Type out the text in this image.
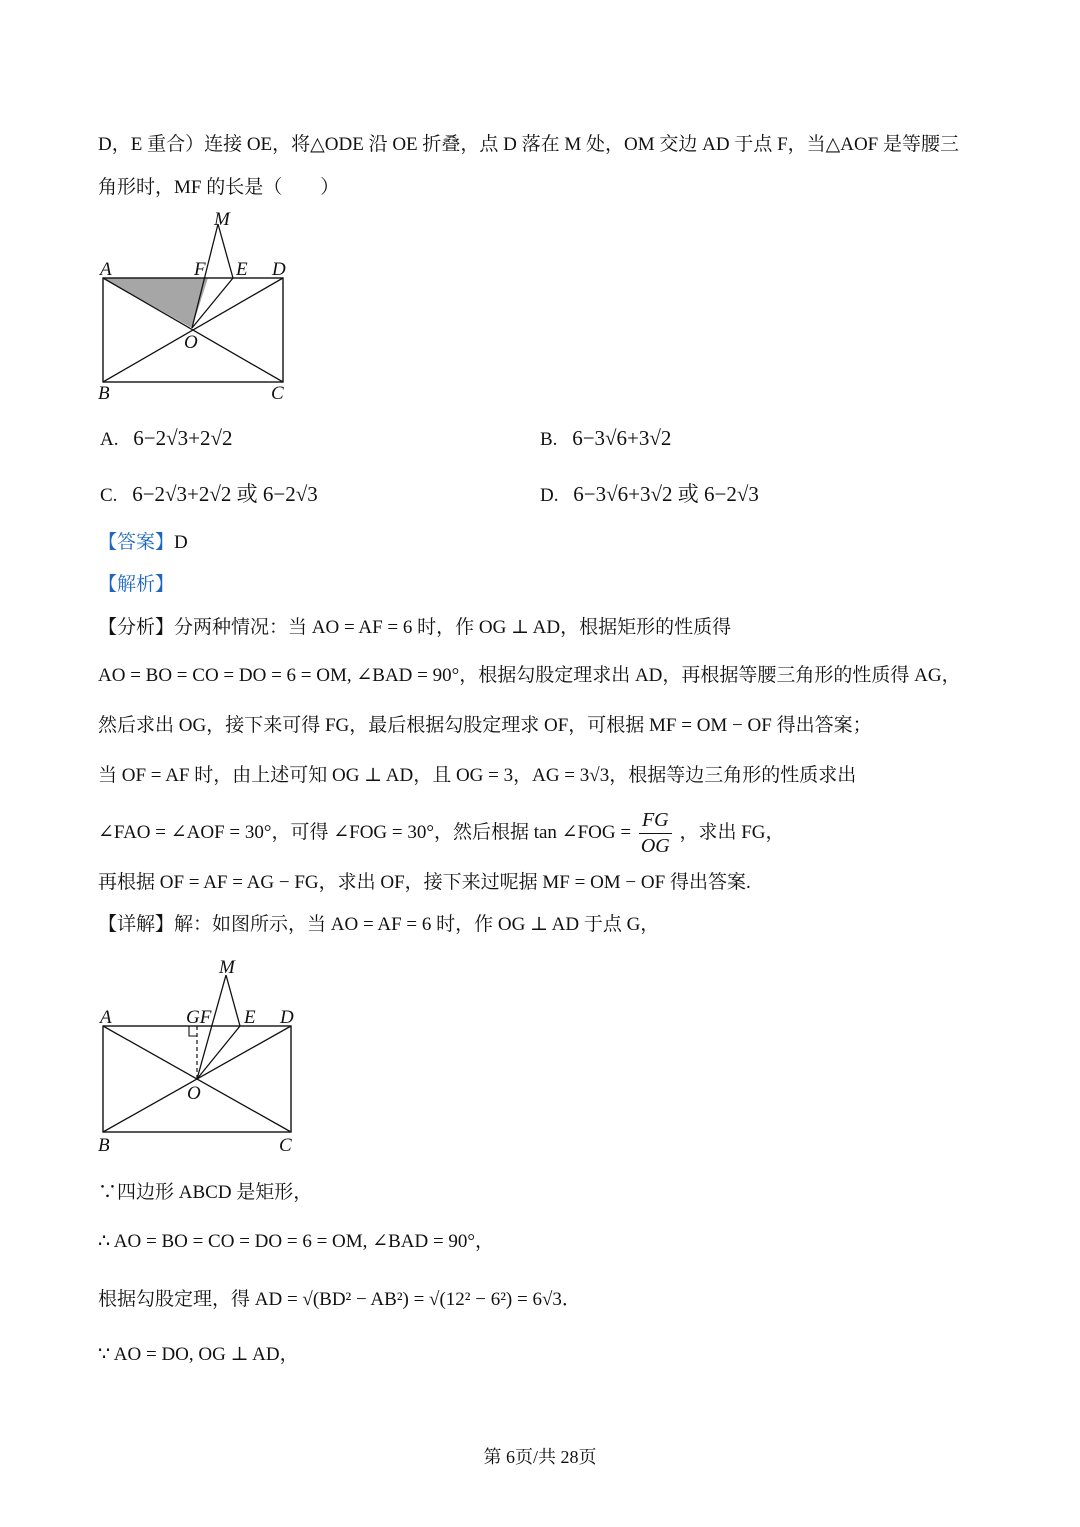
D，E 重合）连接 OE，将△ODE 沿 OE 折叠，点 D 落在 M 处，OM 交边 AD 于点 F，当△AOF 是等腰三
角形时，MF 的长是（　　）
A	F E D
M
O
B	C
A. 6−2√3+2√2	B. 6−3√6+3√2
C. 6−2√3+2√2 或 6−2√3	D. 6−3√6+3√2 或 6−2√3
【答案】D
【解析】
【分析】分两种情况：当 AO = AF = 6 时，作 OG ⊥ AD，根据矩形的性质得
AO = BO = CO = DO = 6 = OM, ∠BAD = 90°，根据勾股定理求出 AD，再根据等腰三角形的性质得 AG，
然后求出 OG，接下来可得 FG，最后根据勾股定理求 OF，可根据 MF = OM − OF 得出答案；
当 OF = AF 时，由上述可知 OG ⊥ AD，且 OG = 3，AG = 3√3，根据等边三角形的性质求出
∠FAO = ∠AOF = 30°，可得 ∠FOG = 30°，然后根据 tan ∠FOG = $\frac{FG}{OG}$ ，求出 FG，
再根据 OF = AF = AG − FG，求出 OF，接下来过呢据 MF = OM − OF 得出答案.
【详解】解：如图所示，当 AO = AF = 6 时，作 OG ⊥ AD 于点 G，
A	GF E D
M
O
B	C
∵四边形 ABCD 是矩形，
∴ AO = BO = CO = DO = 6 = OM, ∠BAD = 90°，
根据勾股定理，得 AD = √(BD² − AB²) = √(12² − 6²) = 6√3．
∵ AO = DO, OG ⊥ AD，
第 6页/共 28页
